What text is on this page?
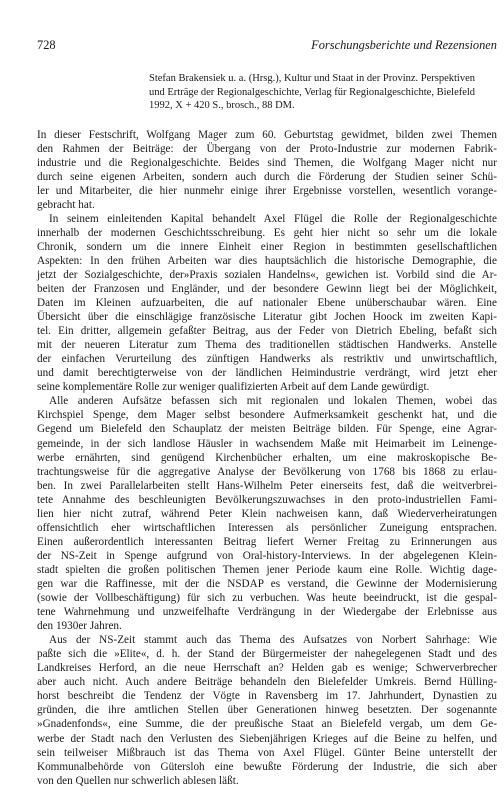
728	Forschungsberichte und Rezensionen

Stefan Brakensiek u. a. (Hrsg.), Kultur und Staat in der Provinz. Perspektiven

und Erträge der Regionalgeschichte, Verlag für Regionalgeschichte, Bielefeld

1992, X + 420 S., brosch., 88 DM.

In dieser Festschrift, Wolfgang Mager zum 60. Geburtstag gewidmet, bilden zwei Themen
den Rahmen der Beiträge: der Übergang von der Proto-Industrie zur modernen Fabrik-
industrie und die Regionalgeschichte. Beides sind Themen, die Wolfgang Mager nicht nur
durch seine eigenen Arbeiten, sondern auch durch die Förderung der Studien seiner Schü-
ler und Mitarbeiter, die hier nunmehr einige ihrer Ergebnisse vorstellen, wesentlich vorange-
gebracht hat.

In seinem einleitenden Kapital behandelt Axel Flügel die Rolle der Regionalgeschichte
innerhalb der modernen Geschichtsschreibung. Es geht hier nicht so sehr um die lokale
Chronik, sondern um die innere Einheit einer Region in bestimmten gesellschaftlichen
Aspekten: In den frühen Arbeiten war dies hauptsächlich die historische Demographie, die
jetzt der Sozialgeschichte, der»Praxis sozialen Handelns«, gewichen ist. Vorbild sind die Ar-
beiten der Franzosen und Engländer, und der besondere Gewinn liegt bei der Möglichkeit,
Daten im Kleinen aufzuarbeiten, die auf nationaler Ebene unüberschaubar wären. Eine
Übersicht über die einschlägige französische Literatur gibt Jochen Hoock im zweiten Kapi-
tel. Ein dritter, allgemein gefaßter Beitrag, aus der Feder von Dietrich Ebeling, befaßt sich
mit der neueren Literatur zum Thema des traditionellen städtischen Handwerks. Anstelle
der einfachen Verurteilung des zünftigen Handwerks als restriktiv und unwirtschaftlich,
und damit berechtigterweise von der ländlichen Heimindustrie verdrängt, wird jetzt eher
seine komplementäre Rolle zur weniger qualifizierten Arbeit auf dem Lande gewürdigt.

Alle anderen Aufsätze befassen sich mit regionalen und lokalen Themen, wobei das
Kirchspiel Spenge, dem Mager selbst besondere Aufmerksamkeit geschenkt hat, und die
Gegend um Bielefeld den Schauplatz der meisten Beiträge bilden. Für Spenge, eine Agrar-
gemeinde, in der sich landlose Häusler in wachsendem Maße mit Heimarbeit im Leinenge-
werbe ernährten, sind genügend Kirchenbücher erhalten, um eine makroskopische Be-
trachtungsweise für die aggregative Analyse der Bevölkerung von 1768 bis 1868 zu erlau-
ben. In zwei Parallelarbeiten stellt Hans-Wilhelm Peter einerseits fest, daß die weitverbrei-
tete Annahme des beschleunigten Bevölkerungszuwachses in den proto-industriellen Fami-
lien hier nicht zutraf, während Peter Klein nachweisen kann, daß Wiederverheiratungen
offensichtlich eher wirtschaftlichen Interessen als persönlicher Zuneigung entsprachen.
Einen außerordentlich interessanten Beitrag liefert Werner Freitag zu Erinnerungen aus
der NS-Zeit in Spenge aufgrund von Oral-history-Interviews. In der abgelegenen Klein-
stadt spielten die großen politischen Themen jener Periode kaum eine Rolle. Wichtig dage-
gen war die Raffinesse, mit der die NSDAP es verstand, die Gewinne der Modernisierung
(sowie der Vollbeschäftigung) für sich zu verbuchen. Was heute beeindruckt, ist die gespal-
tene Wahrnehmung und unzweifelhafte Verdrängung in der Wiedergabe der Erlebnisse aus
den 1930er Jahren.

Aus der NS-Zeit stammt auch das Thema des Aufsatzes von Norbert Sahrhage: Wie
paßte sich die »Elite«, d. h. der Stand der Bürgermeister der nahegelegenen Stadt und des
Landkreises Herford, an die neue Herrschaft an? Helden gab es wenige; Schwerverbrecher
aber auch nicht. Auch andere Beiträge behandeln den Bielefelder Umkreis. Bernd Hülling-
horst beschreibt die Tendenz der Vögte in Ravensberg im 17. Jahrhundert, Dynastien zu
gründen, die ihre amtlichen Stellen über Generationen hinweg besetzten. Der sogenannte
»Gnadenfonds«, eine Summe, die der preußische Staat an Bielefeld vergab, um dem Ge-
werbe der Stadt nach den Verlusten des Siebenjährigen Krieges auf die Beine zu helfen, und
sein teilweiser Mißbrauch ist das Thema von Axel Flügel. Günter Beine unterstellt der
Kommunalbehörde von Gütersloh eine bewußte Förderung der Industrie, die sich aber
von den Quellen nur schwerlich ablesen läßt.
